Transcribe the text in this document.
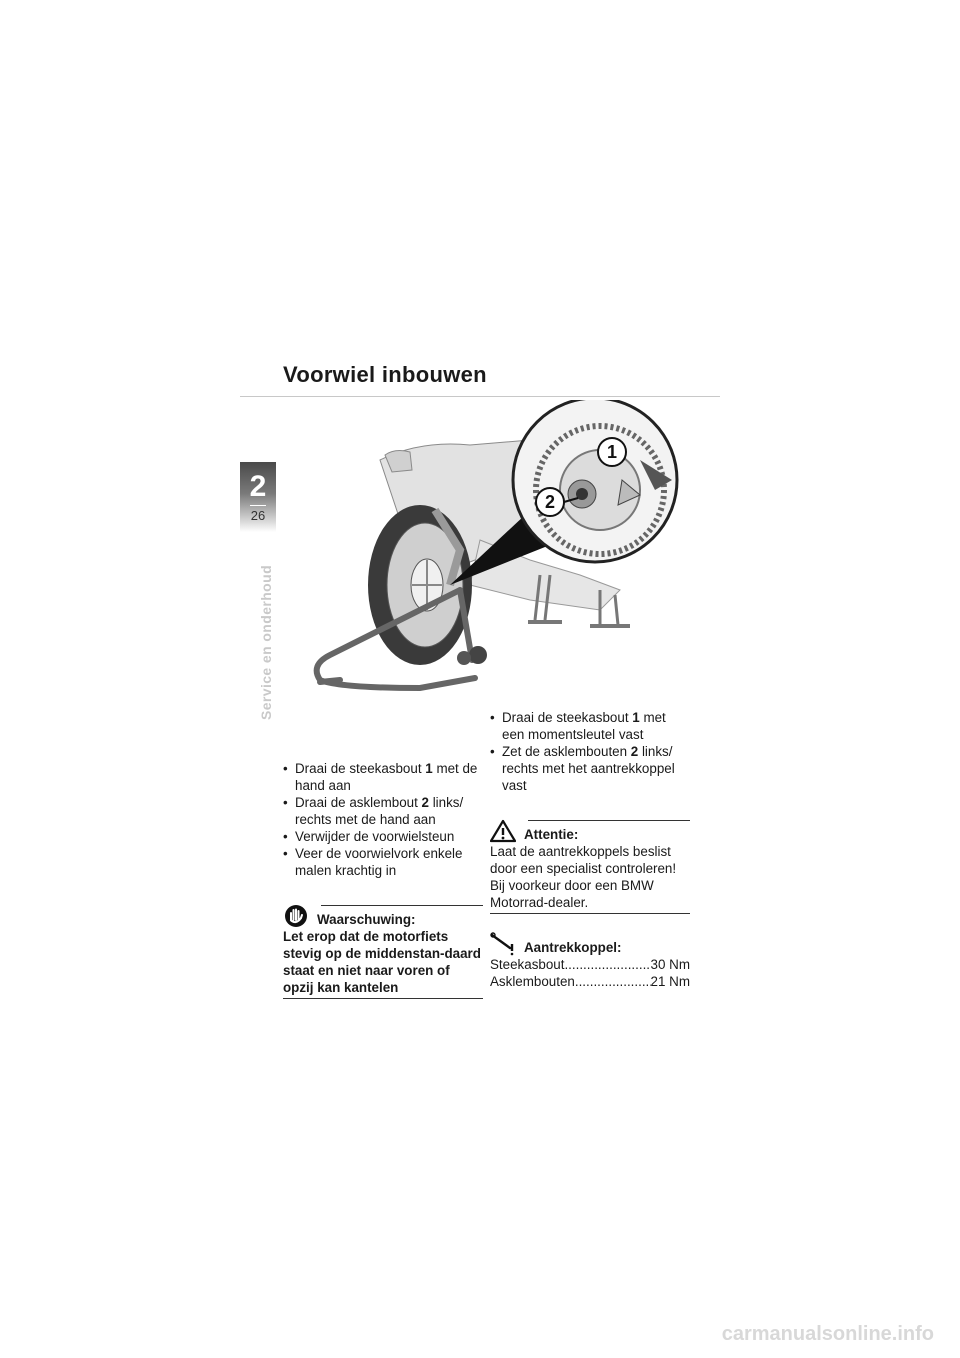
Voorwiel inbouwen
2
26
Service en onderhoud
1
2
• Draai de steekasbout 1 met de hand aan
• Draai de asklembout 2 links/ rechts met de hand aan
• Verwijder de voorwielsteun
• Veer de voorwielvork enkele malen krachtig in
Waarschuwing:
Let erop dat de motorfiets stevig op de middenstan-daard staat en niet naar voren of opzij kan kantelen
• Draai de steekasbout 1 met een momentsleutel vast
• Zet de asklembouten 2 links/ rechts met het aantrekkoppel vast
Attentie:
Laat de aantrekkoppels beslist door een specialist controleren! Bij voorkeur door een BMW Motorrad-dealer.
Aantrekkoppel:
Steekasbout .....	30 Nm
Asklembouten .....	21 Nm
carmanualsonline.info
